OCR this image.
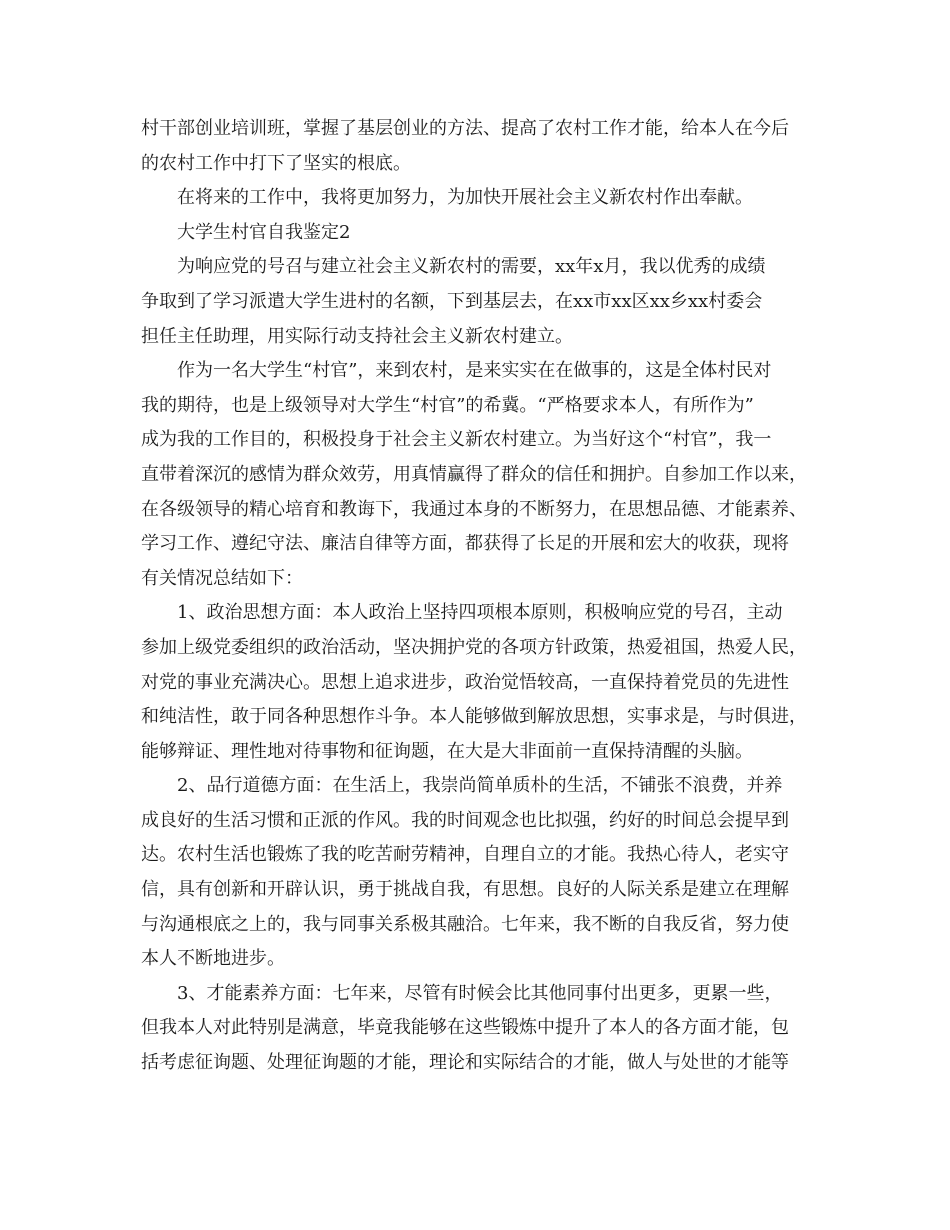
村干部创业培训班，掌握了基层创业的方法、提高了农村工作才能，给本人在今后
的农村工作中打下了坚实的根底。
在将来的工作中，我将更加努力，为加快开展社会主义新农村作出奉献。
大学生村官自我鉴定2
为响应党的号召与建立社会主义新农村的需要，xx年x月，我以优秀的成绩
争取到了学习派遣大学生进村的名额，下到基层去，在xx市xx区xx乡xx村委会
担任主任助理，用实际行动支持社会主义新农村建立。
作为一名大学生“村官”，来到农村，是来实实在在做事的，这是全体村民对
我的期待，也是上级领导对大学生“村官”的希冀。“严格要求本人，有所作为”
成为我的工作目的，积极投身于社会主义新农村建立。为当好这个“村官”，我一
直带着深沉的感情为群众效劳，用真情赢得了群众的信任和拥护。自参加工作以来，
在各级领导的精心培育和教诲下，我通过本身的不断努力，在思想品德、才能素养、
学习工作、遵纪守法、廉洁自律等方面，都获得了长足的开展和宏大的收获，现将
有关情况总结如下：
1、政治思想方面：本人政治上坚持四项根本原则，积极响应党的号召，主动
参加上级党委组织的政治活动，坚决拥护党的各项方针政策，热爱祖国，热爱人民，
对党的事业充满决心。思想上追求进步，政治觉悟较高，一直保持着党员的先进性
和纯洁性，敢于同各种思想作斗争。本人能够做到解放思想，实事求是，与时俱进，
能够辩证、理性地对待事物和征询题，在大是大非面前一直保持清醒的头脑。
2、品行道德方面：在生活上，我崇尚简单质朴的生活，不铺张不浪费，并养
成良好的生活习惯和正派的作风。我的时间观念也比拟强，约好的时间总会提早到
达。农村生活也锻炼了我的吃苦耐劳精神，自理自立的才能。我热心待人，老实守
信，具有创新和开辟认识，勇于挑战自我，有思想。良好的人际关系是建立在理解
与沟通根底之上的，我与同事关系极其融洽。七年来，我不断的自我反省，努力使
本人不断地进步。
3、才能素养方面：七年来，尽管有时候会比其他同事付出更多，更累一些，
但我本人对此特别是满意，毕竟我能够在这些锻炼中提升了本人的各方面才能，包
括考虑征询题、处理征询题的才能，理论和实际结合的才能，做人与处世的才能等
